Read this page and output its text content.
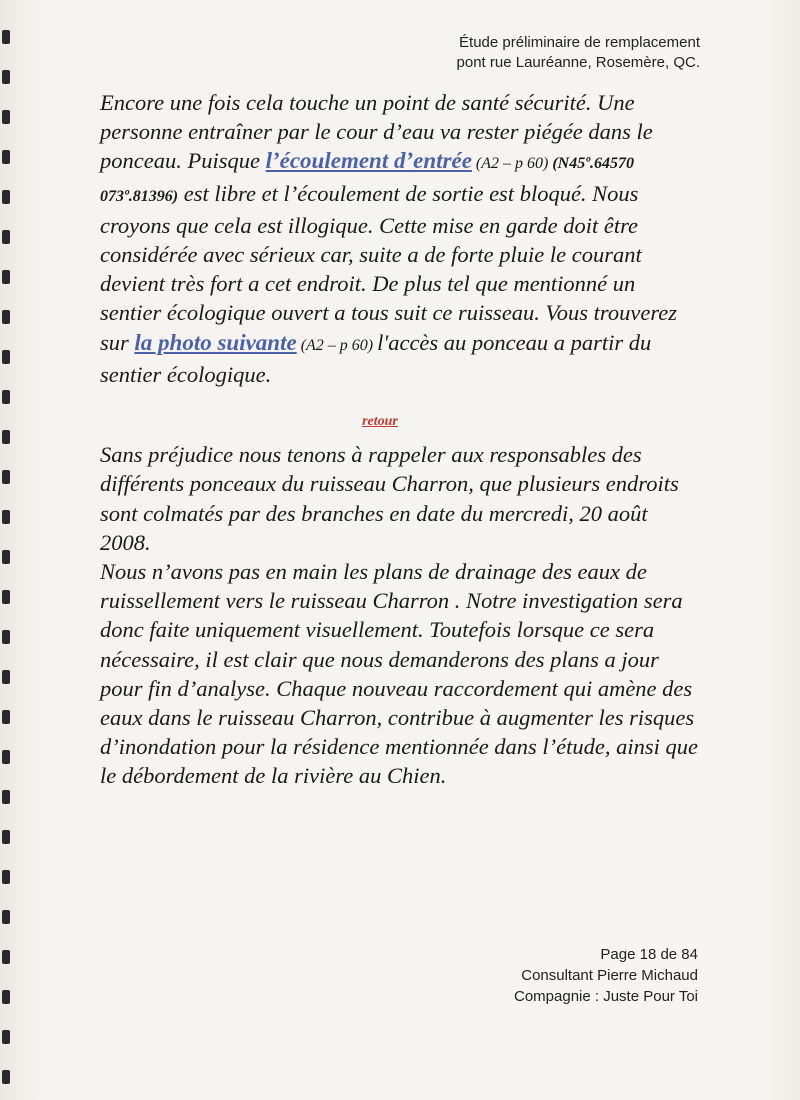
Étude préliminaire de remplacement
pont rue Lauréanne, Rosemère, QC.

Encore une fois cela touche un point de santé sécurité. Une personne entraîner par le cour d’eau va rester piégée dans le ponceau. Puisque l’écoulement d’entrée (A2 – p 60) (N45º.64570 073º.81396) est libre et l’écoulement de sortie est bloqué. Nous croyons que cela est illogique. Cette mise en garde doit être considérée avec sérieux car, suite a de forte pluie le courant devient très fort a cet endroit. De plus tel que mentionné un sentier écologique ouvert a tous suit ce ruisseau. Vous trouverez sur la photo suivante (A2 – p 60) l'accès au ponceau a partir du sentier écologique.

retour

Sans préjudice nous tenons à rappeler aux responsables des différents ponceaux du ruisseau Charron, que plusieurs endroits sont colmatés par des branches en date du mercredi, 20 août 2008.

Nous n’avons pas en main les plans de drainage des eaux de ruissellement vers le ruisseau Charron . Notre investigation sera donc faite uniquement visuellement. Toutefois lorsque ce sera nécessaire, il est clair que nous demanderons des plans a jour pour fin d’analyse. Chaque nouveau raccordement qui amène des eaux dans le ruisseau Charron, contribue à augmenter les risques d’inondation pour la résidence mentionnée dans l’étude, ainsi que le débordement de la rivière au Chien.

Page 18 de 84
Consultant Pierre Michaud
Compagnie : Juste Pour Toi
